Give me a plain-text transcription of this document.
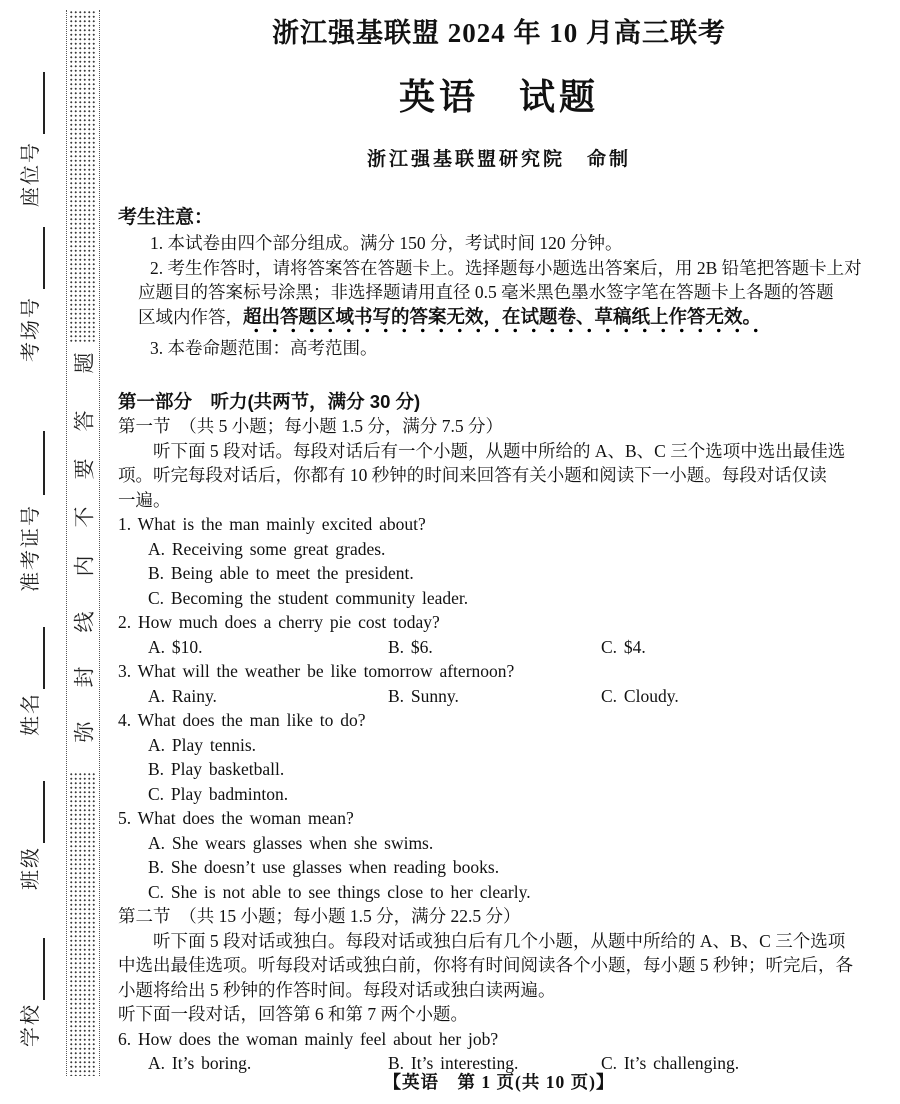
学校
班级
姓名
准考证号
考场号
座位号
题
答
要
不
内
线
封
弥
浙江强基联盟 2024 年 10 月高三联考
英语　试题
浙江强基联盟研究院　命制
考生注意：
1. 本试卷由四个部分组成。满分 150 分，考试时间 120 分钟。
2. 考生作答时，请将答案答在答题卡上。选择题每小题选出答案后，用 2B 铅笔把答题卡上对
应题目的答案标号涂黑；非选择题请用直径 0.5 毫米黑色墨水签字笔在答题卡上各题的答题
区域内作答，超出答题区域书写的答案无效，在试题卷、草稿纸上作答无效。
3. 本卷命题范围：高考范围。
第一部分　听力(共两节，满分 30 分)
第一节　（共 5 小题；每小题 1.5 分，满分 7.5 分）
听下面 5 段对话。每段对话后有一个小题，从题中所给的 A、B、C 三个选项中选出最佳选
项。听完每段对话后，你都有 10 秒钟的时间来回答有关小题和阅读下一小题。每段对话仅读
一遍。
1. What is the man mainly excited about?
A. Receiving some great grades.
B. Being able to meet the president.
C. Becoming the student community leader.
2. How much does a cherry pie cost today?
A. $10.	B. $6.	C. $4.
3. What will the weather be like tomorrow afternoon?
A. Rainy.	B. Sunny.	C. Cloudy.
4. What does the man like to do?
A. Play tennis.
B. Play basketball.
C. Play badminton.
5. What does the woman mean?
A. She wears glasses when she swims.
B. She doesn’t use glasses when reading books.
C. She is not able to see things close to her clearly.
第二节　（共 15 小题；每小题 1.5 分，满分 22.5 分）
听下面 5 段对话或独白。每段对话或独白后有几个小题，从题中所给的 A、B、C 三个选项
中选出最佳选项。听每段对话或独白前，你将有时间阅读各个小题，每小题 5 秒钟；听完后，各
小题将给出 5 秒钟的作答时间。每段对话或独白读两遍。
听下面一段对话，回答第 6 和第 7 两个小题。
6. How does the woman mainly feel about her job?
A. It’s boring.	B. It’s interesting.	C. It’s challenging.
【英语　第 1 页(共 10 页)】
